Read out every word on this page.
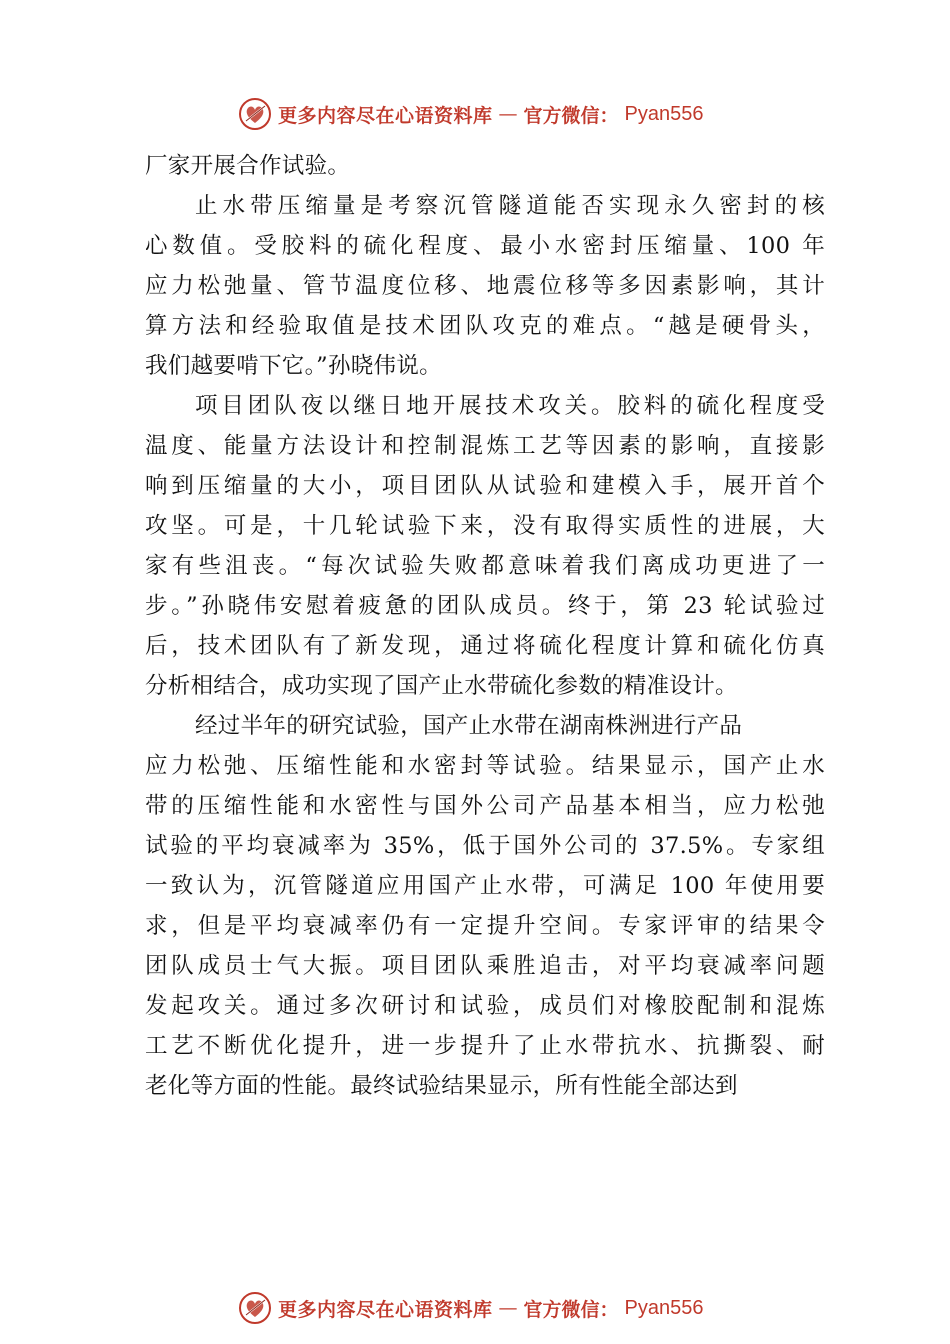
更多内容尽在心语资料库 — 官方微信： Pyan556
厂家开展合作试验。
止水带压缩量是考察沉管隧道能否实现永久密封的核
心数值。受胶料的硫化程度、最小水密封压缩量、100 年
应力松弛量、管节温度位移、地震位移等多因素影响，其计
算方法和经验取值是技术团队攻克的难点。“越是硬骨头，
我们越要啃下它。”孙晓伟说。
项目团队夜以继日地开展技术攻关。胶料的硫化程度受
温度、能量方法设计和控制混炼工艺等因素的影响，直接影
响到压缩量的大小，项目团队从试验和建模入手，展开首个
攻坚。可是，十几轮试验下来，没有取得实质性的进展，大
家有些沮丧。“每次试验失败都意味着我们离成功更进了一
步。”孙晓伟安慰着疲惫的团队成员。终于，第 23 轮试验过
后，技术团队有了新发现，通过将硫化程度计算和硫化仿真
分析相结合，成功实现了国产止水带硫化参数的精准设计。
经过半年的研究试验，国产止水带在湖南株洲进行产品
应力松弛、压缩性能和水密封等试验。结果显示，国产止水
带的压缩性能和水密性与国外公司产品基本相当，应力松弛
试验的平均衰减率为 35%，低于国外公司的 37.5%。专家组
一致认为，沉管隧道应用国产止水带，可满足 100 年使用要
求，但是平均衰减率仍有一定提升空间。专家评审的结果令
团队成员士气大振。项目团队乘胜追击，对平均衰减率问题
发起攻关。通过多次研讨和试验，成员们对橡胶配制和混炼
工艺不断优化提升，进一步提升了止水带抗水、抗撕裂、耐
老化等方面的性能。最终试验结果显示，所有性能全部达到
更多内容尽在心语资料库 — 官方微信： Pyan556
